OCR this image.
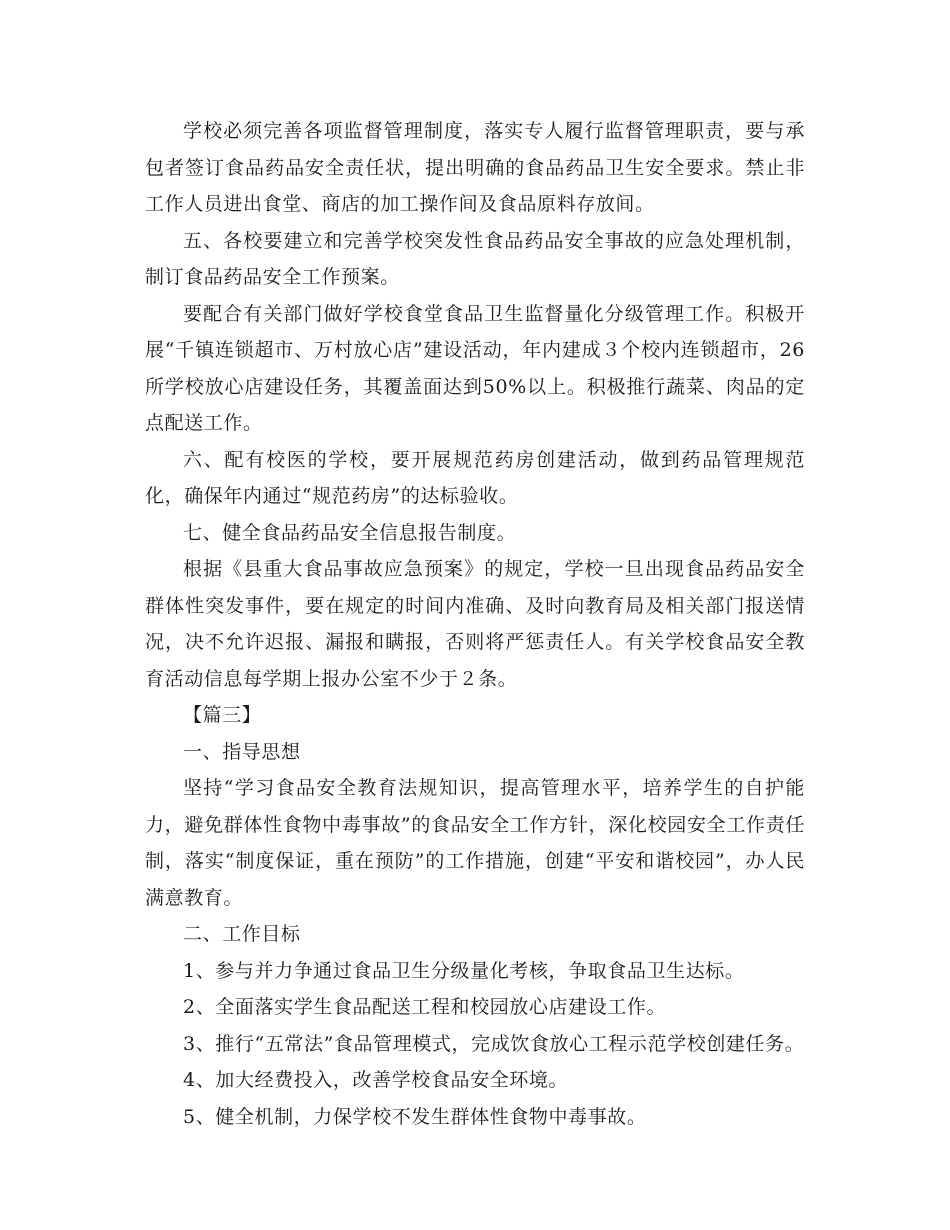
学校必须完善各项监督管理制度，落实专人履行监督管理职责，要与承包者签订食品药品安全责任状，提出明确的食品药品卫生安全要求。禁止非工作人员进出食堂、商店的加工操作间及食品原料存放间。

五、各校要建立和完善学校突发性食品药品安全事故的应急处理机制，制订食品药品安全工作预案。

要配合有关部门做好学校食堂食品卫生监督量化分级管理工作。积极开展“千镇连锁超市、万村放心店”建设活动，年内建成３个校内连锁超市，26所学校放心店建设任务，其覆盖面达到50%以上。积极推行蔬菜、肉品的定点配送工作。

六、配有校医的学校，要开展规范药房创建活动，做到药品管理规范化，确保年内通过“规范药房”的达标验收。

七、健全食品药品安全信息报告制度。

根据《县重大食品事故应急预案》的规定，学校一旦出现食品药品安全群体性突发事件，要在规定的时间内准确、及时向教育局及相关部门报送情况，决不允许迟报、漏报和瞒报，否则将严惩责任人。有关学校食品安全教育活动信息每学期上报办公室不少于２条。

【篇三】

一、指导思想

坚持“学习食品安全教育法规知识，提高管理水平，培养学生的自护能力，避免群体性食物中毒事故”的食品安全工作方针，深化校园安全工作责任制，落实“制度保证，重在预防”的工作措施，创建“平安和谐校园”，办人民满意教育。

二、工作目标

1、参与并力争通过食品卫生分级量化考核，争取食品卫生达标。

2、全面落实学生食品配送工程和校园放心店建设工作。

3、推行“五常法”食品管理模式，完成饮食放心工程示范学校创建任务。

4、加大经费投入，改善学校食品安全环境。

5、健全机制，力保学校不发生群体性食物中毒事故。
